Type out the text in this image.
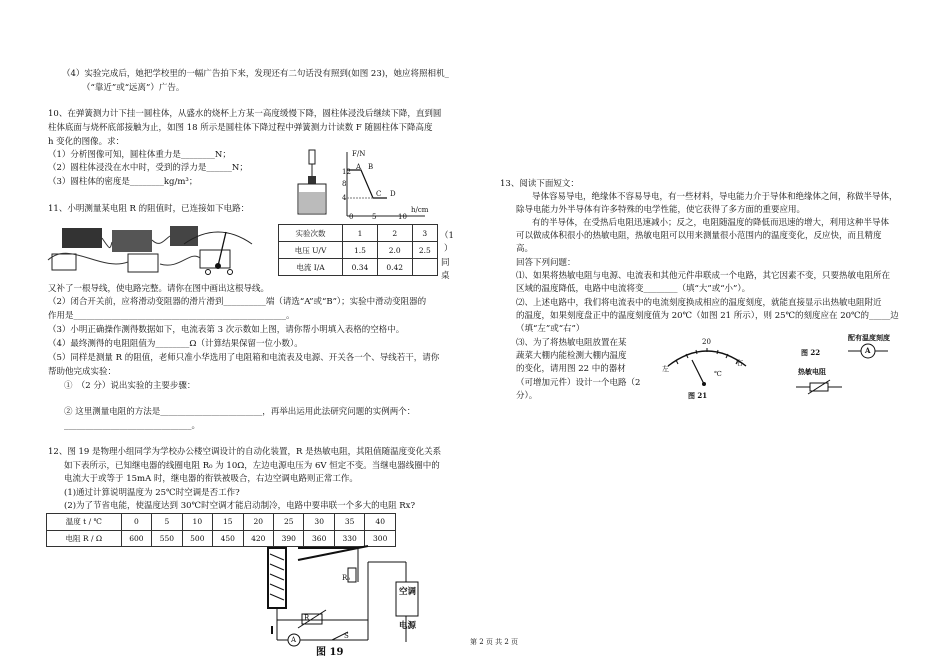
（4）实验完成后，她把学校里的一幅广告拍下来，发现还有二句话没有照到(如图 23)，她应将照相机_
（“靠近”或“远离”）广告。
10、在弹簧测力计下挂一圆柱体，从盛水的烧杯上方某一高度缓慢下降，圆柱体浸没后继续下降，直到圆
柱体底面与烧杯底部接触为止，如图 18 所示是圆柱体下降过程中弹簧测力计读数 F 随圆柱体下降高度
h 变化的图像。求：
（1）分析图像可知，圆柱体重力是________N；
（2）圆柱体浸没在水中时，受到的浮力是______N；
（3）圆柱体的密度是________kg/m³；
F/N
h/cm
12
8
4
0	5	10
A B
C D
11、小明测量某电阻 R 的阻值时，已连接如下电路：
实验次数	1	2	3
电压 U/V	1.5	2.0	2.5
电流 I/A	0.34	0.42	
（1
）
同
桌
又补了一根导线，使电路完整。请你在图中画出这根导线。
（2）闭合开关前，应将滑动变阻器的滑片滑到__________端（请选“A”或“B”）；实验中滑动变阻器的
作用是__________________________________________________。
（3）小明正确操作测得数据如下，电流表第 3 次示数如上图，请你帮小明填入表格的空格中。
（4）最终测得的电阻阻值为________Ω（计算结果保留一位小数）。
（5）同样是测量 R 的阻值，老师只准小华选用了电阻箱和电流表及电源、开关各一个、导线若干，请你
帮助他完成实验：
①　（2 分）说出实验的主要步骤：
② 这里测量电阻的方法是________________________，再举出运用此法研究问题的实例两个：
______________________________。
12、图 19 是物理小组同学为学校办公楼空调设计的自动化装置，R 是热敏电阻，其阻值随温度变化关系
如下表所示，已知继电器的线圈电阻 R₀ 为 10Ω，左边电源电压为 6V 恒定不变。当继电器线圈中的
电流大于或等于 15mA 时，继电器的衔铁被吸合，右边空调电路则正常工作。
(1)通过计算说明温度为 25℃时空调是否工作?
(2)为了节省电能，使温度达到 30℃时空调才能启动制冷，电路中要串联一个多大的电阻 Rx?
温度 t / ℃	0	5	10	15	20	25	30	35	40
电阻 R / Ω	600	550	500	450	420	390	360	330	300
R₀
R
S
A
空调
电源
图 19
13、阅读下面短文：
导体容易导电，绝缘体不容易导电，有一些材料，导电能力介于导体和绝缘体之间，称做半导体，
除导电能力外半导体有许多特殊的电学性能，使它获得了多方面的重要应用。
有的半导体，在受热后电阻迅速减小；反之，电阻随温度的降低而迅速的增大，利用这种半导体
可以做成体积很小的热敏电阻，热敏电阻可以用来测量很小范围内的温度变化，反应快，而且精度
高。
回答下列问题：
⑴、如果将热敏电阻与电源、电流表和其他元件串联成一个电路，其它因素不变，只要热敏电阻所在
区域的温度降低，电路中电流将变________（填“大”或“小”）。
⑵、上述电路中，我们将电流表中的电流刻度换成相应的温度刻度，就能直接显示出热敏电阻附近
的温度，如果刻度盘正中的温度刻度值为 20℃（如图 21 所示），则 25℃的刻度应在 20℃的_____边
（填“左”或“右”）
⑶、为了将热敏电阻放置在某
蔬菜大棚内能检测大棚内温度
的变化，请用图 22 中的器材
（可增加元件）设计一个电路（2
分）。
20
左
右
℃
图 21
配有温度刻度
A
图 22
热敏电阻
第 2 页 共 2 页
